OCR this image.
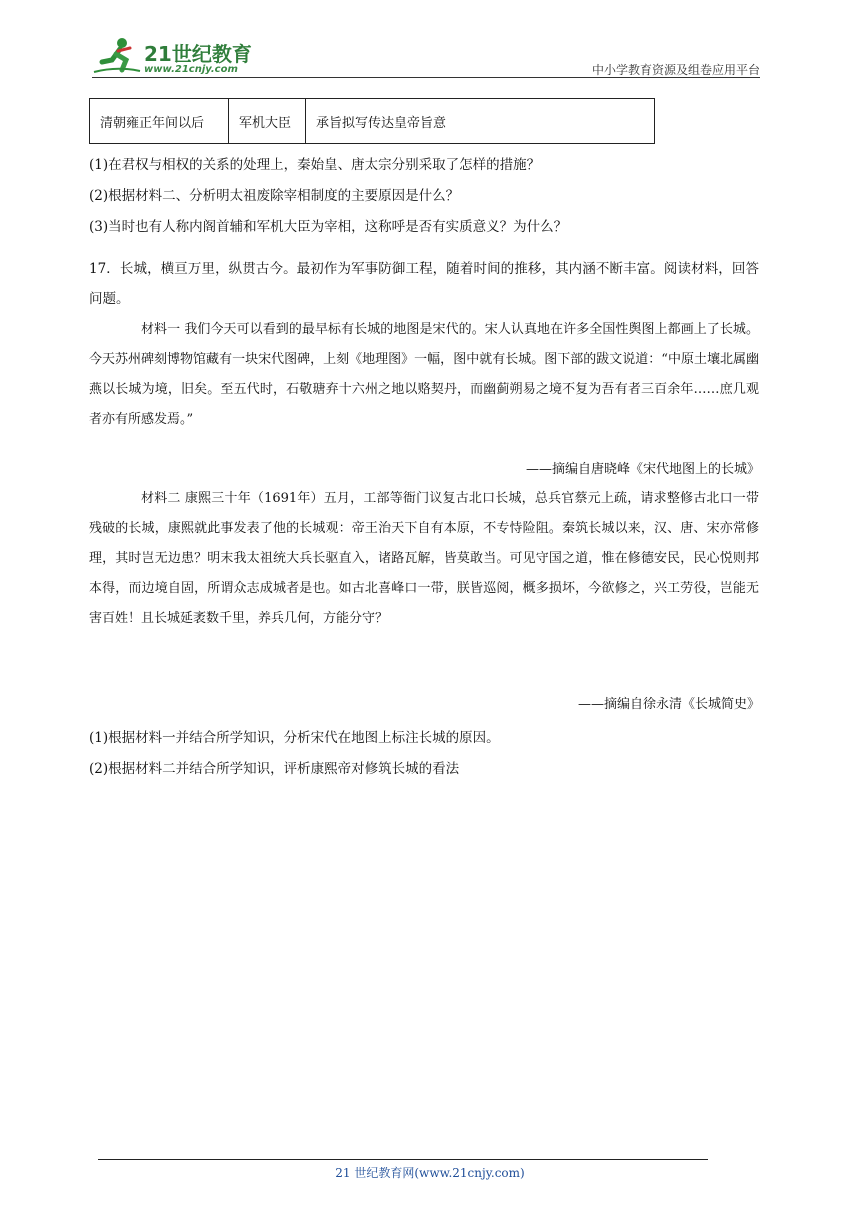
21世纪教育
www.21cnjy.com	中小学教育资源及组卷应用平台
清朝雍正年间以后	军机大臣	承旨拟写传达皇帝旨意
(1)在君权与相权的关系的处理上，秦始皇、唐太宗分别采取了怎样的措施？
(2)根据材料二、分析明太祖废除宰相制度的主要原因是什么？
(3)当时也有人称内阁首辅和军机大臣为宰相，这称呼是否有实质意义？为什么？
17．长城，横亘万里，纵贯古今。最初作为军事防御工程，随着时间的推移，其内涵不断丰富。阅读材料，回答问题。
材料一 我们今天可以看到的最早标有长城的地图是宋代的。宋人认真地在许多全国性舆图上都画上了长城。今天苏州碑刻博物馆藏有一块宋代图碑，上刻《地理图》一幅，图中就有长城。图下部的跋文说道：“中原土壤北属幽燕以长城为境，旧矣。至五代时，石敬瑭弃十六州之地以赂契丹，而幽蓟朔易之境不复为吾有者三百余年……庶几观者亦有所感发焉。”
——摘编自唐晓峰《宋代地图上的长城》
材料二 康熙三十年（1691年）五月，工部等衙门议复古北口长城，总兵官蔡元上疏，请求整修古北口一带残破的长城，康熙就此事发表了他的长城观：帝王治天下自有本原，不专恃险阻。秦筑长城以来，汉、唐、宋亦常修理，其时岂无边患？明末我太祖统大兵长驱直入，诸路瓦解，皆莫敢当。可见守国之道，惟在修德安民，民心悦则邦本得，而边境自固，所谓众志成城者是也。如古北喜峰口一带，朕皆巡阅，概多损坏，今欲修之，兴工劳役，岂能无害百姓！且长城延袤数千里，养兵几何，方能分守？
——摘编自徐永清《长城简史》
(1)根据材料一并结合所学知识，分析宋代在地图上标注长城的原因。
(2)根据材料二并结合所学知识，评析康熙帝对修筑长城的看法
21 世纪教育网(www.21cnjy.com)
